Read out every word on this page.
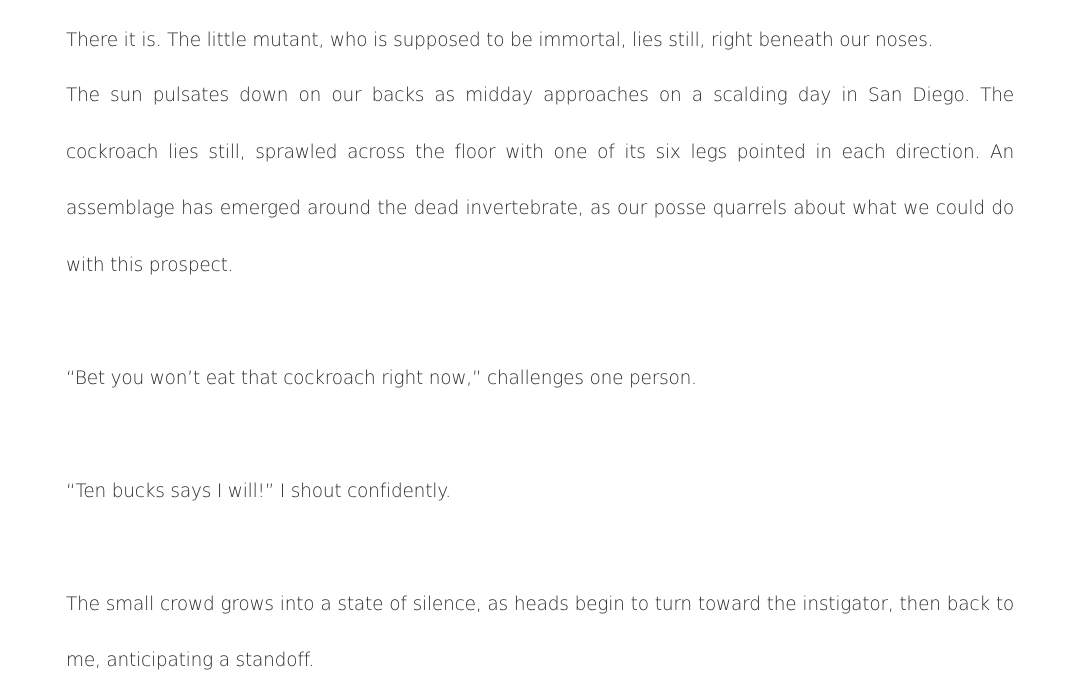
There it is. The little mutant, who is supposed to be immortal, lies still, right beneath our noses.

The sun pulsates down on our backs as midday approaches on a scalding day in San Diego. The cockroach lies still, sprawled across the floor with one of its six legs pointed in each direction. An assemblage has emerged around the dead invertebrate, as our posse quarrels about what we could do with this prospect.

“Bet you won’t eat that cockroach right now,” challenges one person.

“Ten bucks says I will!” I shout confidently.

The small crowd grows into a state of silence, as heads begin to turn toward the instigator, then back to me, anticipating a standoff.
